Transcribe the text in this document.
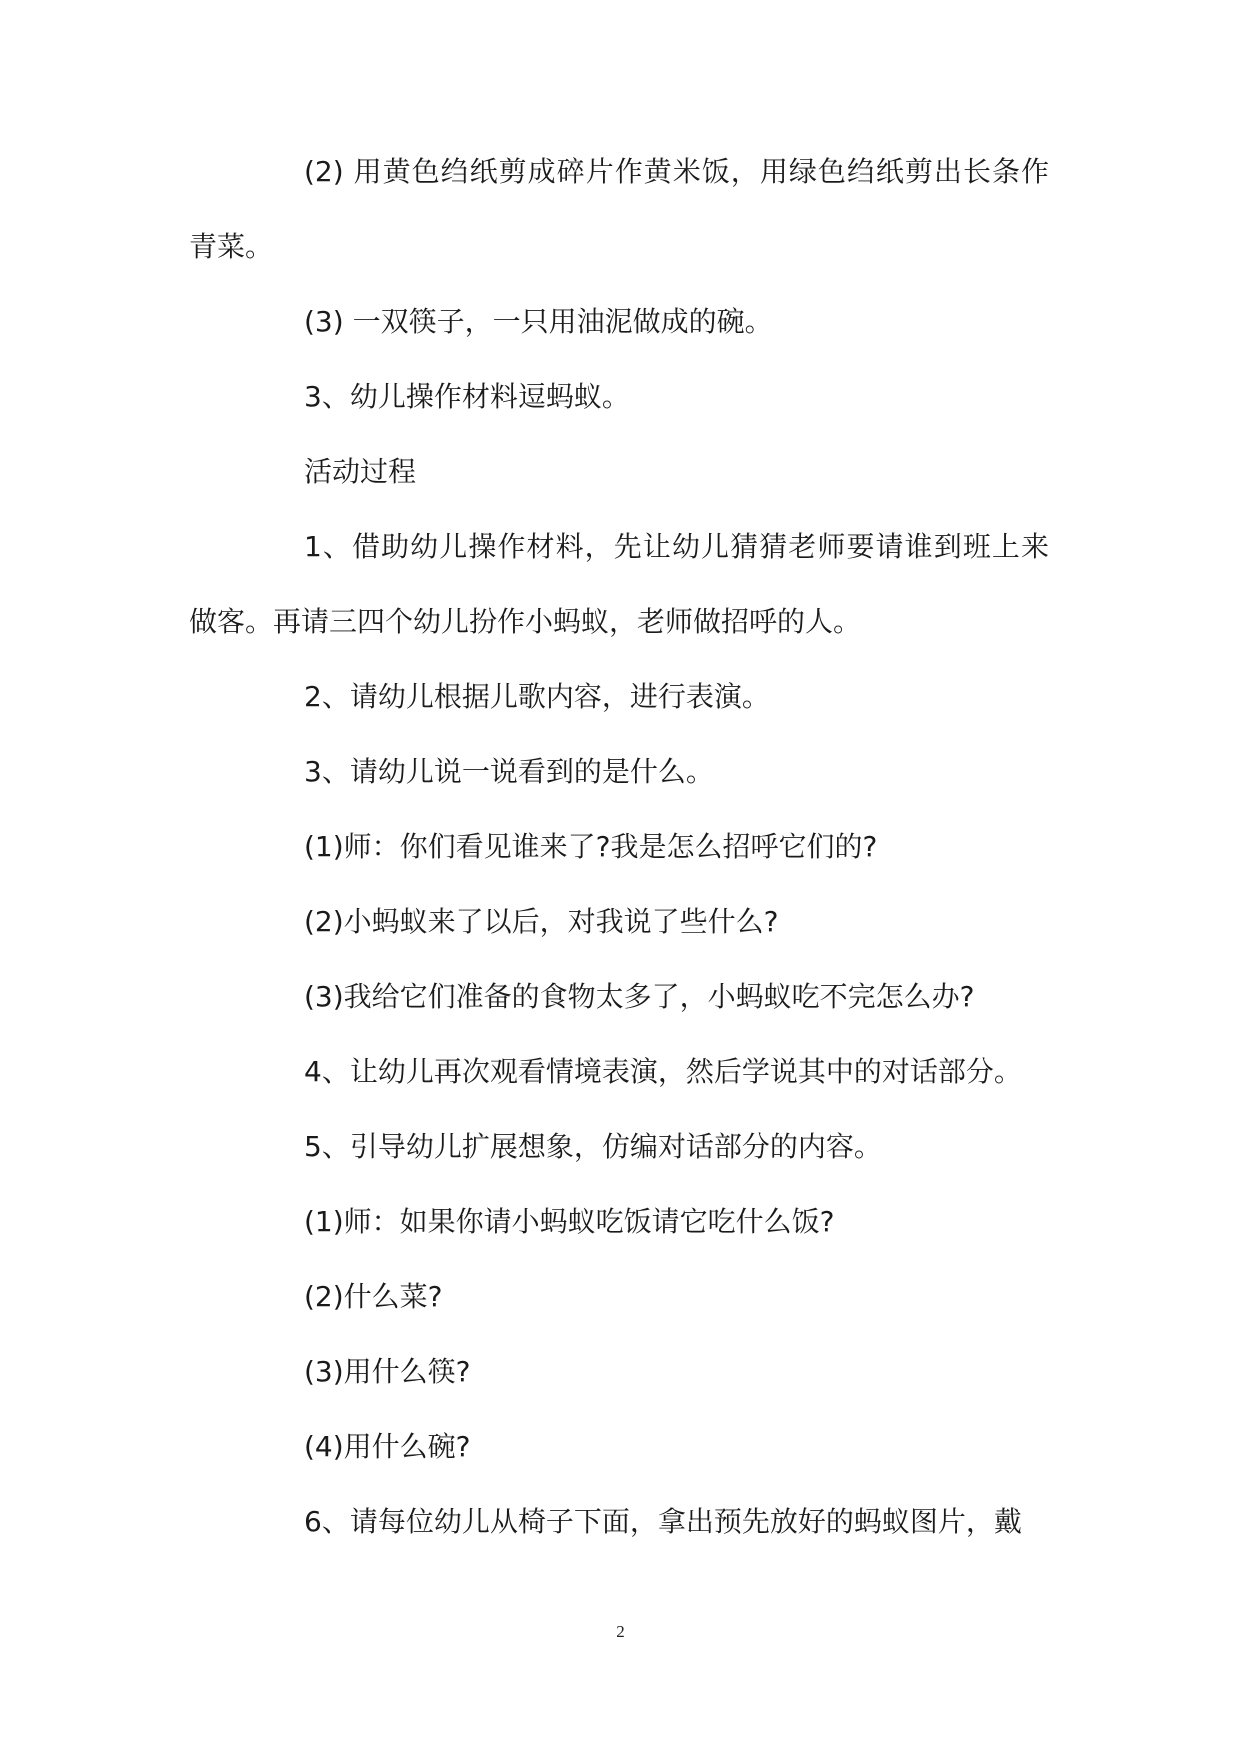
(2) 用黄色绉纸剪成碎片作黄米饭，用绿色绉纸剪出长条作青菜。

(3) 一双筷子，一只用油泥做成的碗。

3、幼儿操作材料逗蚂蚁。

活动过程

1、借助幼儿操作材料，先让幼儿猜猜老师要请谁到班上来做客。再请三四个幼儿扮作小蚂蚁，老师做招呼的人。

2、请幼儿根据儿歌内容，进行表演。

3、请幼儿说一说看到的是什么。

(1)师：你们看见谁来了?我是怎么招呼它们的?

(2)小蚂蚁来了以后，对我说了些什么?

(3)我给它们准备的食物太多了，小蚂蚁吃不完怎么办?

4、让幼儿再次观看情境表演，然后学说其中的对话部分。

5、引导幼儿扩展想象，仿编对话部分的内容。

(1)师：如果你请小蚂蚁吃饭请它吃什么饭?

(2)什么菜?

(3)用什么筷?

(4)用什么碗?

6、请每位幼儿从椅子下面，拿出预先放好的蚂蚁图片，戴

2
